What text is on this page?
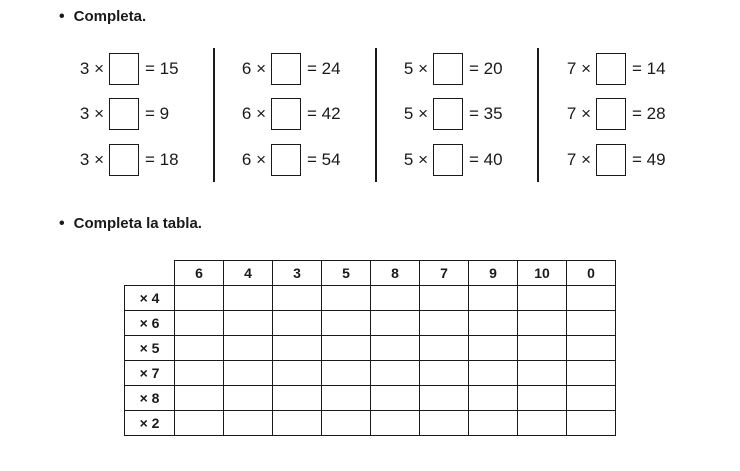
• Completa.
3 × = 15
3 × = 9
3 × = 18
6 × = 24
6 × = 42
6 × = 54
5 × = 20
5 × = 35
5 × = 40
7 × = 14
7 × = 28
7 × = 49
• Completa la tabla.
	6	4	3	5	8	7	9	10	0
× 4									
× 6									
× 5									
× 7									
× 8									
× 2									
